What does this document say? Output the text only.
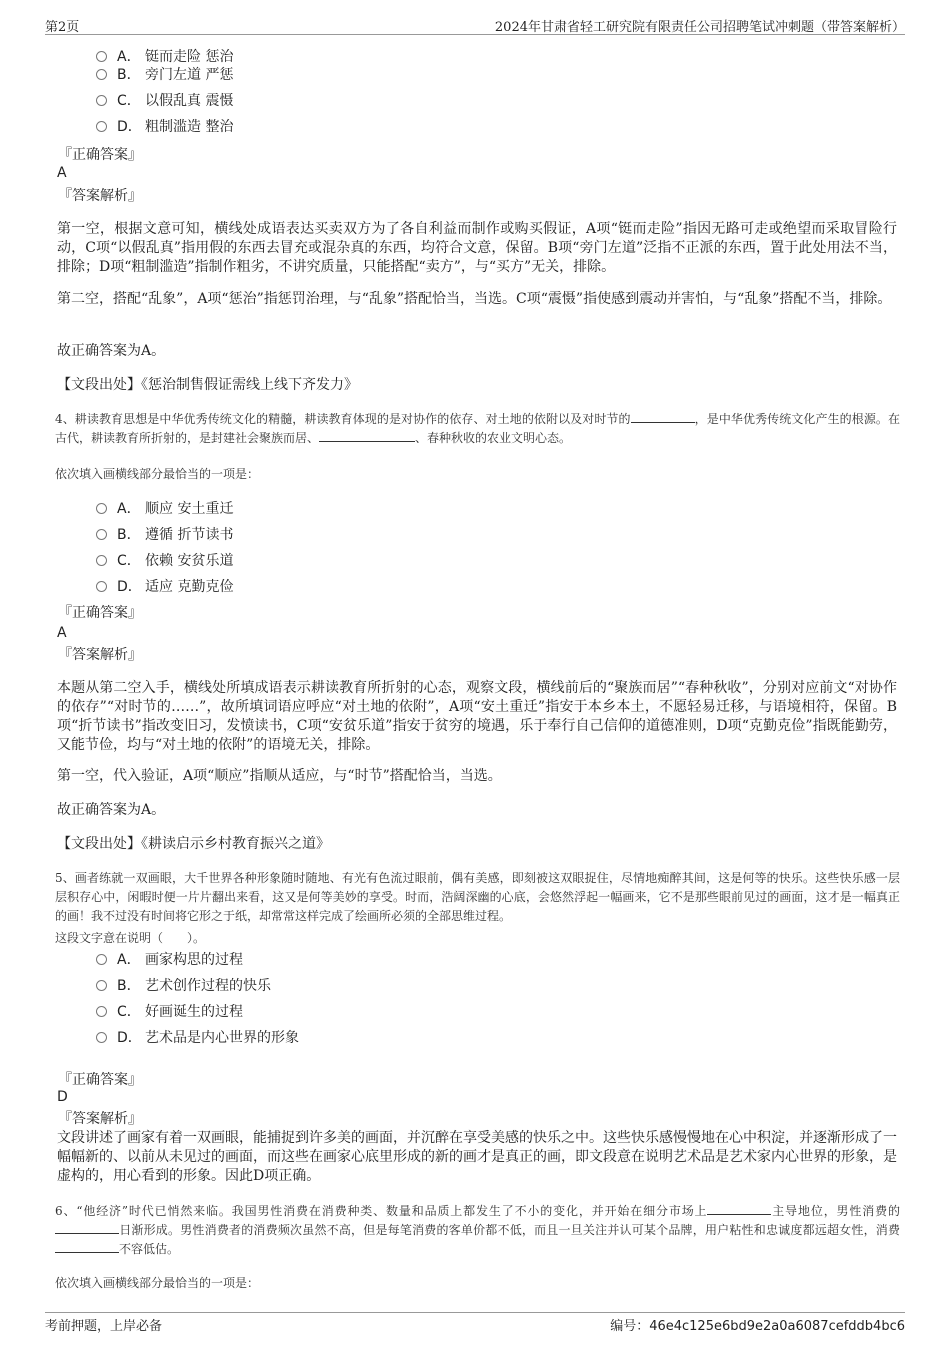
第2页	2024年甘肃省轻工研究院有限责任公司招聘笔试冲刺题（带答案解析）
A． 铤而走险 惩治
B． 旁门左道 严惩
C． 以假乱真 震慑
D． 粗制滥造 整治
『正确答案』
A
『答案解析』
第一空，根据文意可知，横线处成语表达买卖双方为了各自利益而制作或购买假证，A项“铤而走险”指因无路可走或绝望而采取冒险行动，C项“以假乱真”指用假的东西去冒充或混杂真的东西，均符合文意，保留。B项“旁门左道”泛指不正派的东西，置于此处用法不当，排除；D项“粗制滥造”指制作粗劣，不讲究质量，只能搭配“卖方”，与“买方”无关，排除。
第二空，搭配“乱象”，A项“惩治”指惩罚治理，与“乱象”搭配恰当，当选。C项“震慑”指使感到震动并害怕，与“乱象”搭配不当，排除。
故正确答案为A。
【文段出处】《惩治制售假证需线上线下齐发力》
4、耕读教育思想是中华优秀传统文化的精髓，耕读教育体现的是对协作的依存、对土地的依附以及对时节的	，是中华优秀传统文化产生的根源。在古代，耕读教育所折射的，是封建社会聚族而居、	、春种秋收的农业文明心态。
依次填入画横线部分最恰当的一项是：
A． 顺应 安土重迁
B． 遵循 折节读书
C． 依赖 安贫乐道
D． 适应 克勤克俭
『正确答案』
A
『答案解析』
本题从第二空入手，横线处所填成语表示耕读教育所折射的心态，观察文段，横线前后的“聚族而居”“春种秋收”，分别对应前文“对协作的依存”“对时节的……”，故所填词语应呼应“对土地的依附”，A项“安土重迁”指安于本乡本土，不愿轻易迁移，与语境相符，保留。B项“折节读书”指改变旧习，发愤读书，C项“安贫乐道”指安于贫穷的境遇，乐于奉行自己信仰的道德准则，D项“克勤克俭”指既能勤劳，又能节俭，均与“对土地的依附”的语境无关，排除。
第一空，代入验证，A项“顺应”指顺从适应，与“时节”搭配恰当，当选。
故正确答案为A。
【文段出处】《耕读启示乡村教育振兴之道》
5、画者练就一双画眼，大千世界各种形象随时随地、有光有色流过眼前，偶有美感，即刻被这双眼捉住，尽情地痴醉其间，这是何等的快乐。这些快乐感一层层积存心中，闲暇时便一片片翻出来看，这又是何等美妙的享受。时而，浩阔深幽的心底，会悠然浮起一幅画来，它不是那些眼前见过的画面，这才是一幅真正的画！我不过没有时间将它形之于纸，却常常这样完成了绘画所必须的全部思维过程。
这段文字意在说明（　　）。
A． 画家构思的过程
B． 艺术创作过程的快乐
C． 好画诞生的过程
D． 艺术品是内心世界的形象
『正确答案』
D
『答案解析』
文段讲述了画家有着一双画眼，能捕捉到许多美的画面，并沉醉在享受美感的快乐之中。这些快乐感慢慢地在心中积淀，并逐渐形成了一幅幅新的、以前从未见过的画面，而这些在画家心底里形成的新的画才是真正的画，即文段意在说明艺术品是艺术家内心世界的形象，是虚构的，用心看到的形象。因此D项正确。
6、“他经济”时代已悄然来临。我国男性消费在消费种类、数量和品质上都发生了不小的变化，并开始在细分市场上	主导地位，男性消费的日渐形成。男性消费者的消费频次虽然不高，但是每笔消费的客单价都不低，而且一旦关注并认可某个品牌，用户粘性和忠诚度都远超女性，消费不容低估。
依次填入画横线部分最恰当的一项是：
考前押题，上岸必备	编号：46e4c125e6bd9e2a0a6087cefddb4bc6
